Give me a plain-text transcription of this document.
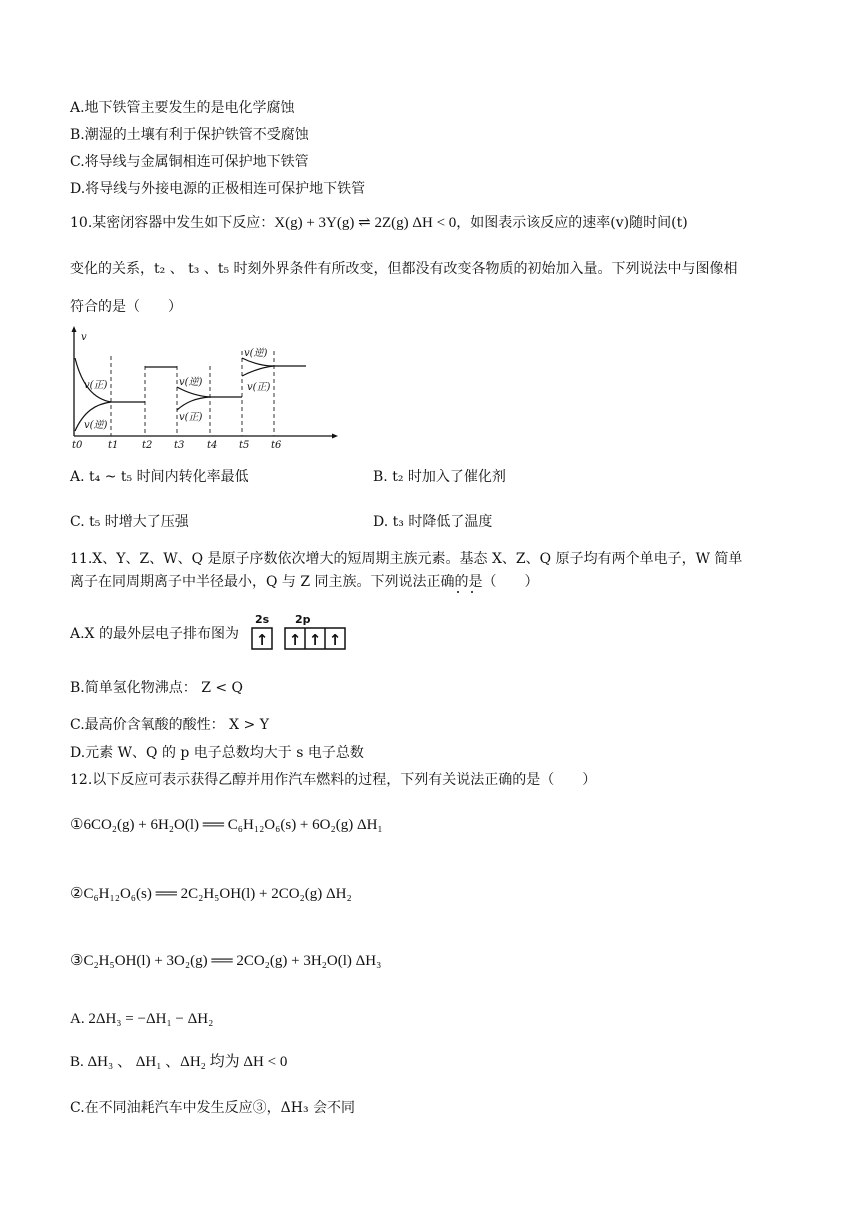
A.地下铁管主要发生的是电化学腐蚀
B.潮湿的土壤有利于保护铁管不受腐蚀
C.将导线与金属铜相连可保护地下铁管
D.将导线与外接电源的正极相连可保护地下铁管
10.某密闭容器中发生如下反应：X(g) + 3Y(g) ⇌ 2Z(g) ΔH < 0，如图表示该反应的速率(v)随时间(t)
变化的关系，t₂ 、 t₃ 、t₅ 时刻外界条件有所改变，但都没有改变各物质的初始加入量。下列说法中与图像相
符合的是（　　）
v
v(正)
v(逆)
v(逆)
v(正)
v(逆)
v(正)
t0	t1 t2 t3 t4 t5 t6
A. t₄ ~ t₅ 时间内转化率最低	B. t₂ 时加入了催化剂
C. t₅ 时增大了压强	D. t₃ 时降低了温度
11.X、Y、Z、W、Q 是原子序数依次增大的短周期主族元素。基态 X、Z、Q 原子均有两个单电子，W 简单
离子在同周期离子中半径最小，Q 与 Z 同主族。下列说法正确的是（　　）
A.X 的最外层电子排布图为
2s 2p
↑ ↑ ↑ ↑
B.简单氢化物沸点： Z < Q
C.最高价含氧酸的酸性： X > Y
D.元素 W、Q 的 p 电子总数均大于 s 电子总数
12.以下反应可表示获得乙醇并用作汽车燃料的过程，下列有关说法正确的是（　　）
①6CO₂(g) + 6H₂O(l) ══ C₆H₁₂O₆(s) + 6O₂(g) ΔH₁
②C₆H₁₂O₆(s) ══ 2C₂H₅OH(l) + 2CO₂(g) ΔH₂
③C₂H₅OH(l) + 3O₂(g) ══ 2CO₂(g) + 3H₂O(l) ΔH₃
A. 2ΔH₃ = −ΔH₁ − ΔH₂
B. ΔH₃ 、 ΔH₁ 、ΔH₂ 均为 ΔH < 0
C.在不同油耗汽车中发生反应③，ΔH₃ 会不同
